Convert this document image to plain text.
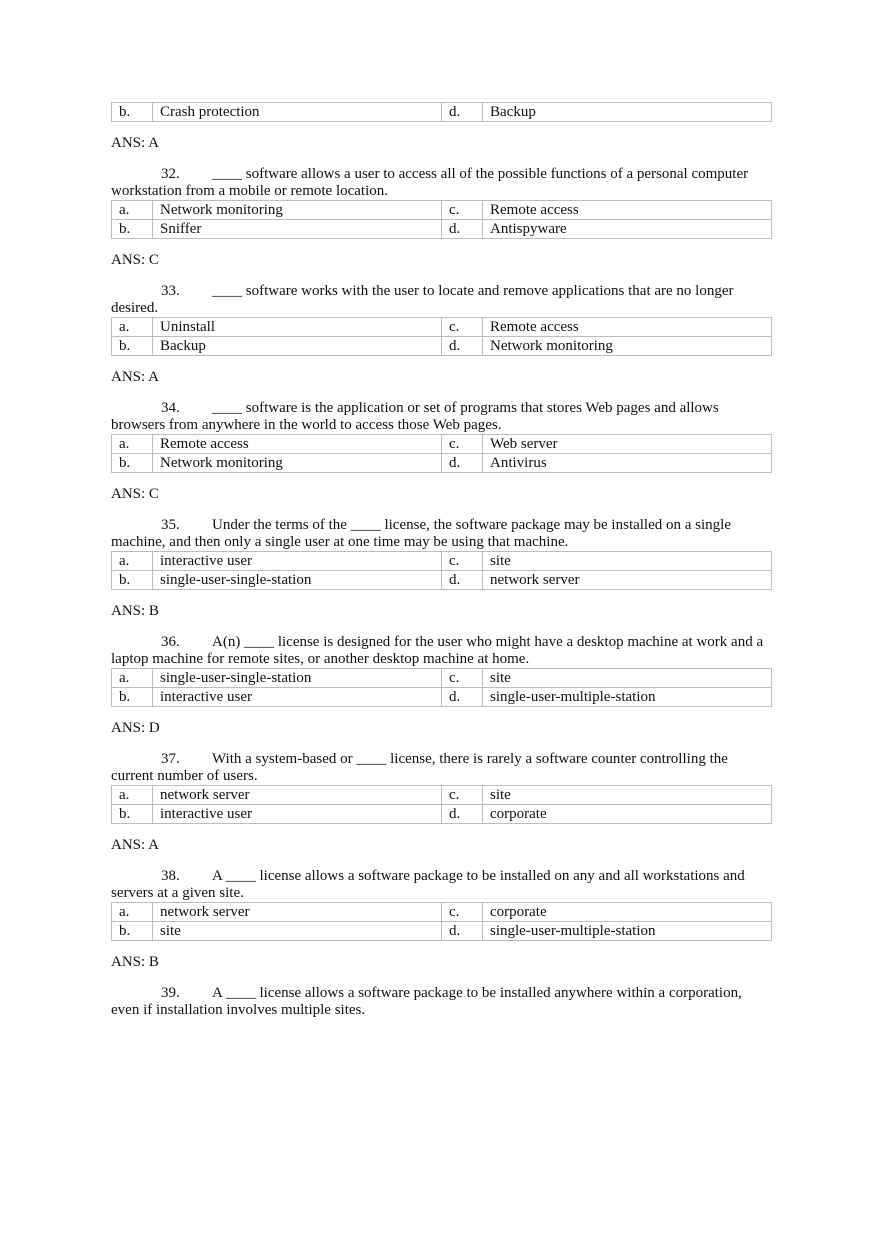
b.	Crash protection	d.	Backup
ANS: A
32. ____ software allows a user to access all of the possible functions of a personal computer workstation from a mobile or remote location.
a.	Network monitoring	c.	Remote access
b.	Sniffer	d.	Antispyware
ANS: C
33. ____ software works with the user to locate and remove applications that are no longer desired.
a.	Uninstall	c.	Remote access
b.	Backup	d.	Network monitoring
ANS: A
34. ____ software is the application or set of programs that stores Web pages and allows browsers from anywhere in the world to access those Web pages.
a.	Remote access	c.	Web server
b.	Network monitoring	d.	Antivirus
ANS: C
35. Under the terms of the ____ license, the software package may be installed on a single machine, and then only a single user at one time may be using that machine.
a.	interactive user	c.	site
b.	single-user-single-station	d.	network server
ANS: B
36. A(n) ____ license is designed for the user who might have a desktop machine at work and a laptop machine for remote sites, or another desktop machine at home.
a.	single-user-single-station	c.	site
b.	interactive user	d.	single-user-multiple-station
ANS: D
37. With a system-based or ____ license, there is rarely a software counter controlling the current number of users.
a.	network server	c.	site
b.	interactive user	d.	corporate
ANS: A
38. A ____ license allows a software package to be installed on any and all workstations and servers at a given site.
a.	network server	c.	corporate
b.	site	d.	single-user-multiple-station
ANS: B
39. A ____ license allows a software package to be installed anywhere within a corporation, even if installation involves multiple sites.
